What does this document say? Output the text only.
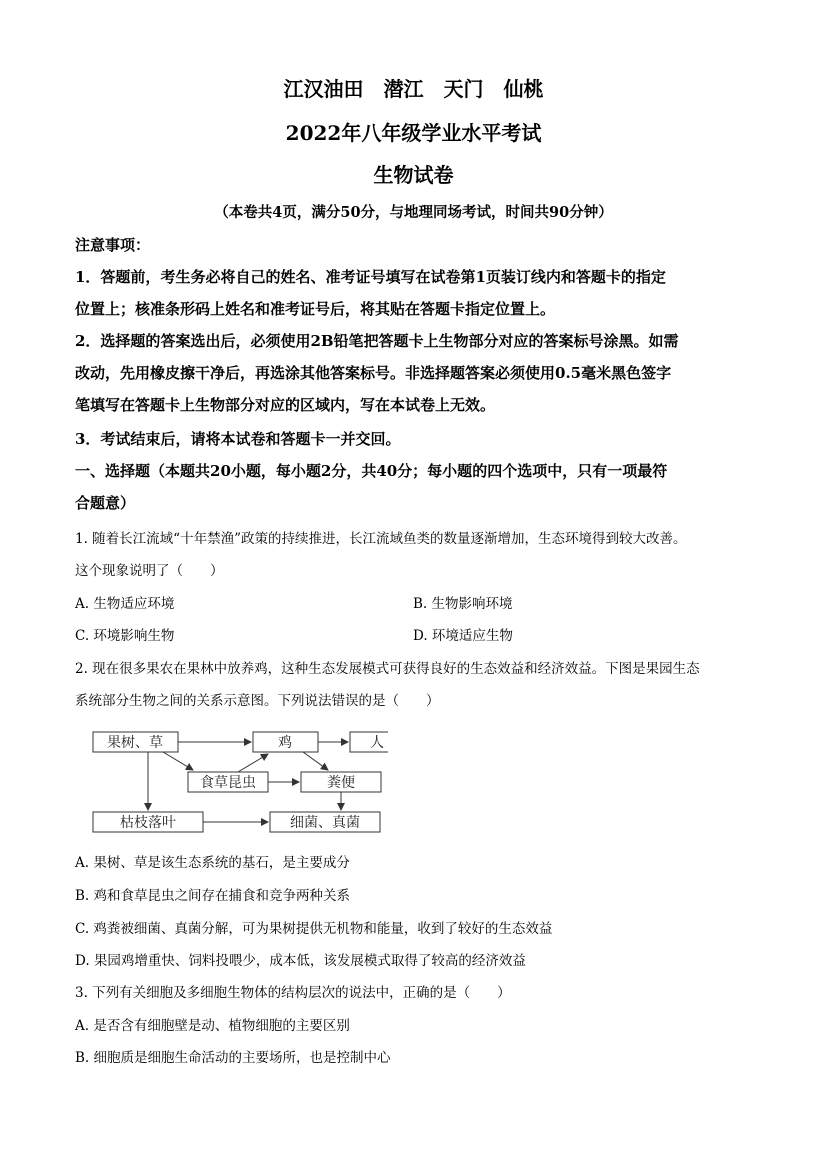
江汉油田　潜江　天门　仙桃
2022年八年级学业水平考试
生物试卷
（本卷共4页，满分50分，与地理同场考试，时间共90分钟）
注意事项：
1．答题前，考生务必将自己的姓名、准考证号填写在试卷第1页装订线内和答题卡的指定
位置上；核准条形码上姓名和准考证号后，将其贴在答题卡指定位置上。
2．选择题的答案选出后，必须使用2B铅笔把答题卡上生物部分对应的答案标号涂黑。如需
改动，先用橡皮擦干净后，再选涂其他答案标号。非选择题答案必须使用0.5毫米黑色签字
笔填写在答题卡上生物部分对应的区域内，写在本试卷上无效。
3．考试结束后，请将本试卷和答题卡一并交回。
一、选择题（本题共20小题，每小题2分，共40分；每小题的四个选项中，只有一项最符
合题意）
1. 随着长江流域“十年禁渔”政策的持续推进，长江流域鱼类的数量逐渐增加，生态环境得到较大改善。
这个现象说明了（　　）
A. 生物适应环境	B. 生物影响环境
C. 环境影响生物	D. 环境适应生物
2. 现在很多果农在果林中放养鸡，这种生态发展模式可获得良好的生态效益和经济效益。下图是果园生态
系统部分生物之间的关系示意图。下列说法错误的是（　　）
果树、草	鸡	人
食草昆虫	粪便
枯枝落叶	细菌、真菌
A. 果树、草是该生态系统的基石，是主要成分
B. 鸡和食草昆虫之间存在捕食和竞争两种关系
C. 鸡粪被细菌、真菌分解，可为果树提供无机物和能量，收到了较好的生态效益
D. 果园鸡增重快、饲料投喂少，成本低，该发展模式取得了较高的经济效益
3. 下列有关细胞及多细胞生物体的结构层次的说法中，正确的是（　　）
A. 是否含有细胞壁是动、植物细胞的主要区别
B. 细胞质是细胞生命活动的主要场所，也是控制中心
